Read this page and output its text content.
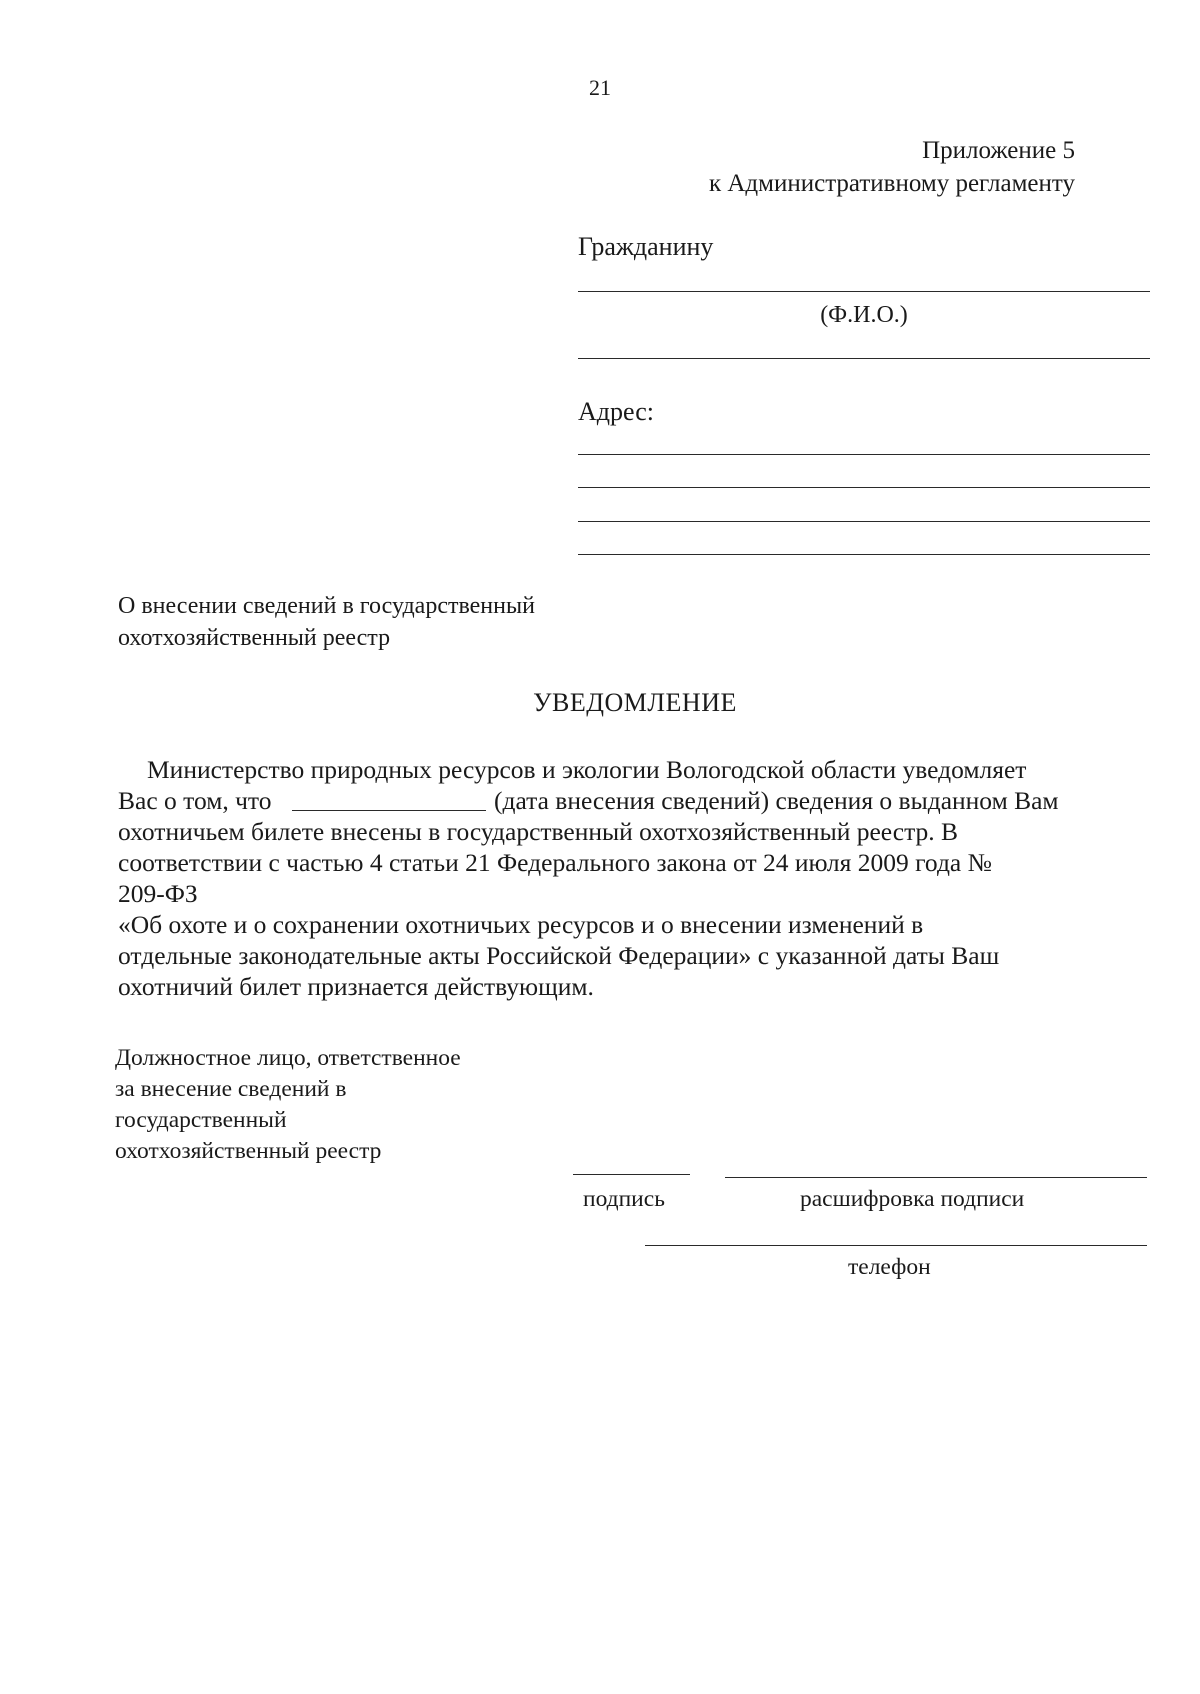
21
Приложение 5
к Административному регламенту
Гражданину
(Ф.И.О.)
Адрес:
О внесении сведений в государственный
охотхозяйственный реестр
УВЕДОМЛЕНИЕ
Министерство природных ресурсов и экологии Вологодской области уведомляет
Вас о том, что	(дата внесения сведений) сведения о выданном Вам
охотничьем билете внесены в государственный охотхозяйственный реестр. В
соответствии с частью 4 статьи 21 Федерального закона от 24 июля 2009 года №
209-ФЗ
«Об охоте и о сохранении охотничьих ресурсов и о внесении изменений в
отдельные законодательные акты Российской Федерации» с указанной даты Ваш
охотничий билет признается действующим.
Должностное лицо, ответственное
за внесение сведений в
государственный
охотхозяйственный реестр
подпись	расшифровка подписи
телефон
